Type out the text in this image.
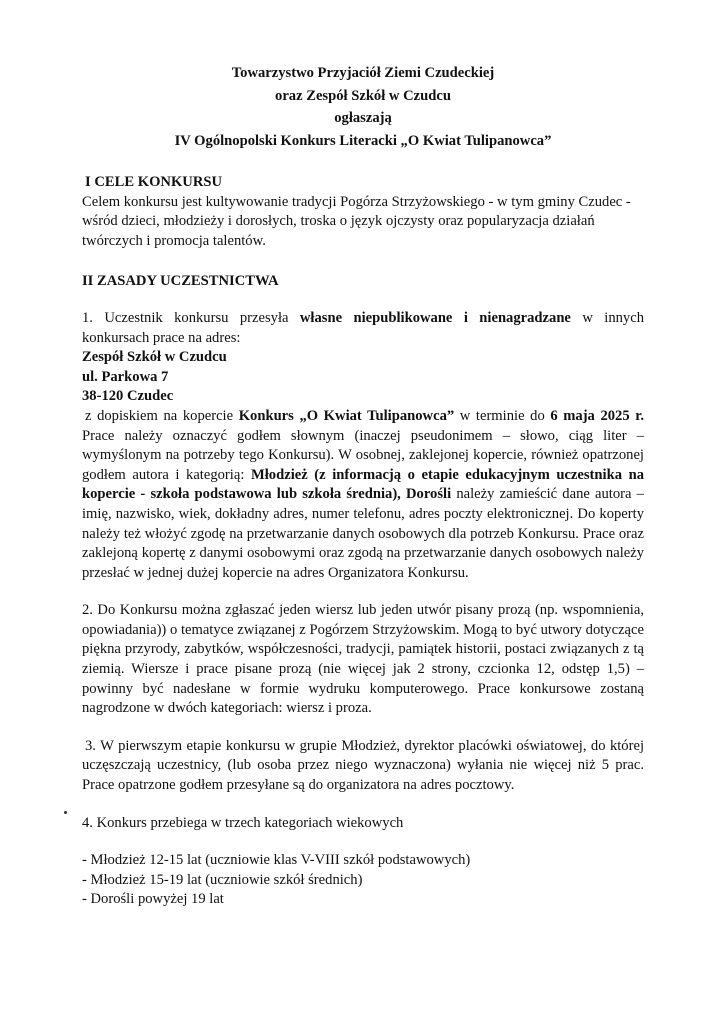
Towarzystwo Przyjaciół Ziemi Czudeckiej

oraz Zespół Szkół w Czudcu

ogłaszają

IV Ogólnopolski Konkurs Literacki „O Kwiat Tulipanowca”

I CELE KONKURSU

Celem konkursu jest kultywowanie tradycji Pogórza Strzyżowskiego - w tym gminy Czudec - wśród dzieci, młodzieży i dorosłych, troska o język ojczysty oraz popularyzacja działań twórczych i promocja talentów.

II ZASADY UCZESTNICTWA

1. Uczestnik konkursu przesyła własne niepublikowane i nienagradzane w innych konkursach prace na adres:

Zespół Szkół w Czudcu

ul. Parkowa 7

38-120 Czudec

z dopiskiem na kopercie Konkurs „O Kwiat Tulipanowca” w terminie do 6 maja 2025 r. Prace należy oznaczyć godłem słownym (inaczej pseudonimem – słowo, ciąg liter – wymyślonym na potrzeby tego Konkursu). W osobnej, zaklejonej kopercie, również opatrzonej godłem autora i kategorią: Młodzież (z informacją o etapie edukacyjnym uczestnika na kopercie - szkoła podstawowa lub szkoła średnia), Dorośli należy zamieścić dane autora – imię, nazwisko, wiek, dokładny adres, numer telefonu, adres poczty elektronicznej. Do koperty należy też włożyć zgodę na przetwarzanie danych osobowych dla potrzeb Konkursu. Prace oraz zaklejoną kopertę z danymi osobowymi oraz zgodą na przetwarzanie danych osobowych należy przesłać w jednej dużej kopercie na adres Organizatora Konkursu.

2. Do Konkursu można zgłaszać jeden wiersz lub jeden utwór pisany prozą (np. wspomnienia, opowiadania)) o tematyce związanej z Pogórzem Strzyżowskim. Mogą to być utwory dotyczące piękna przyrody, zabytków, współczesności, tradycji, pamiątek historii, postaci związanych z tą ziemią. Wiersze i prace pisane prozą (nie więcej jak 2 strony, czcionka 12, odstęp 1,5) – powinny być nadesłane w formie wydruku komputerowego. Prace konkursowe zostaną nagrodzone w dwóch kategoriach: wiersz i proza.

3. W pierwszym etapie konkursu w grupie Młodzież, dyrektor placówki oświatowej, do której uczęszczają uczestnicy, (lub osoba przez niego wyznaczona) wyłania nie więcej niż 5 prac. Prace opatrzone godłem przesyłane są do organizatora na adres pocztowy.

4. Konkurs przebiega w trzech kategoriach wiekowych

- Młodzież 12-15 lat (uczniowie klas V-VIII szkół podstawowych)

- Młodzież 15-19 lat (uczniowie szkół średnich)

- Dorośli powyżej 19 lat
